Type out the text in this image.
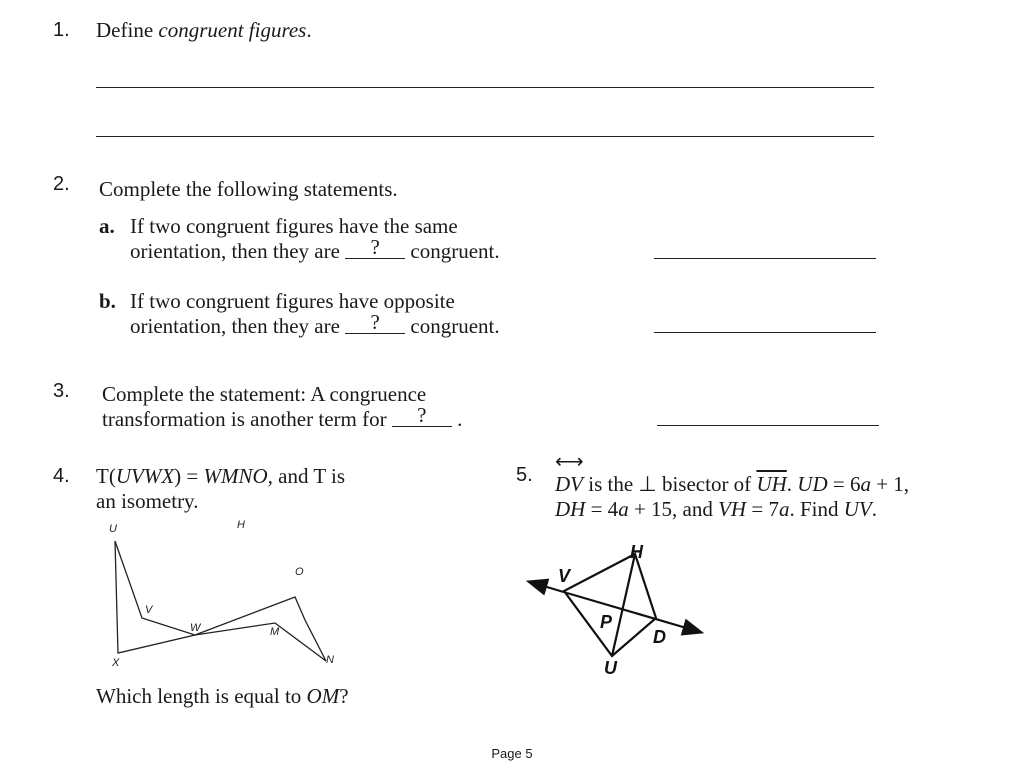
1. Define congruent figures.
2. Complete the following statements.
a. If two congruent figures have the same
orientation, then they are ? congruent.
b. If two congruent figures have opposite
orientation, then they are ? congruent.
3. Complete the statement: A congruence
transformation is another term for ? .
4. T(UVWX) = WMNO, and T is
an isometry.
U	H
V
W
O
M
X	N
Which length is equal to OM?
5.
⟷
DV is the ⊥ bisector of $\overline{UH}$. UD = 6a + 1,
DH = 4a + 15, and VH = 7a. Find UV.
H
V
P
D
U
Page 5
